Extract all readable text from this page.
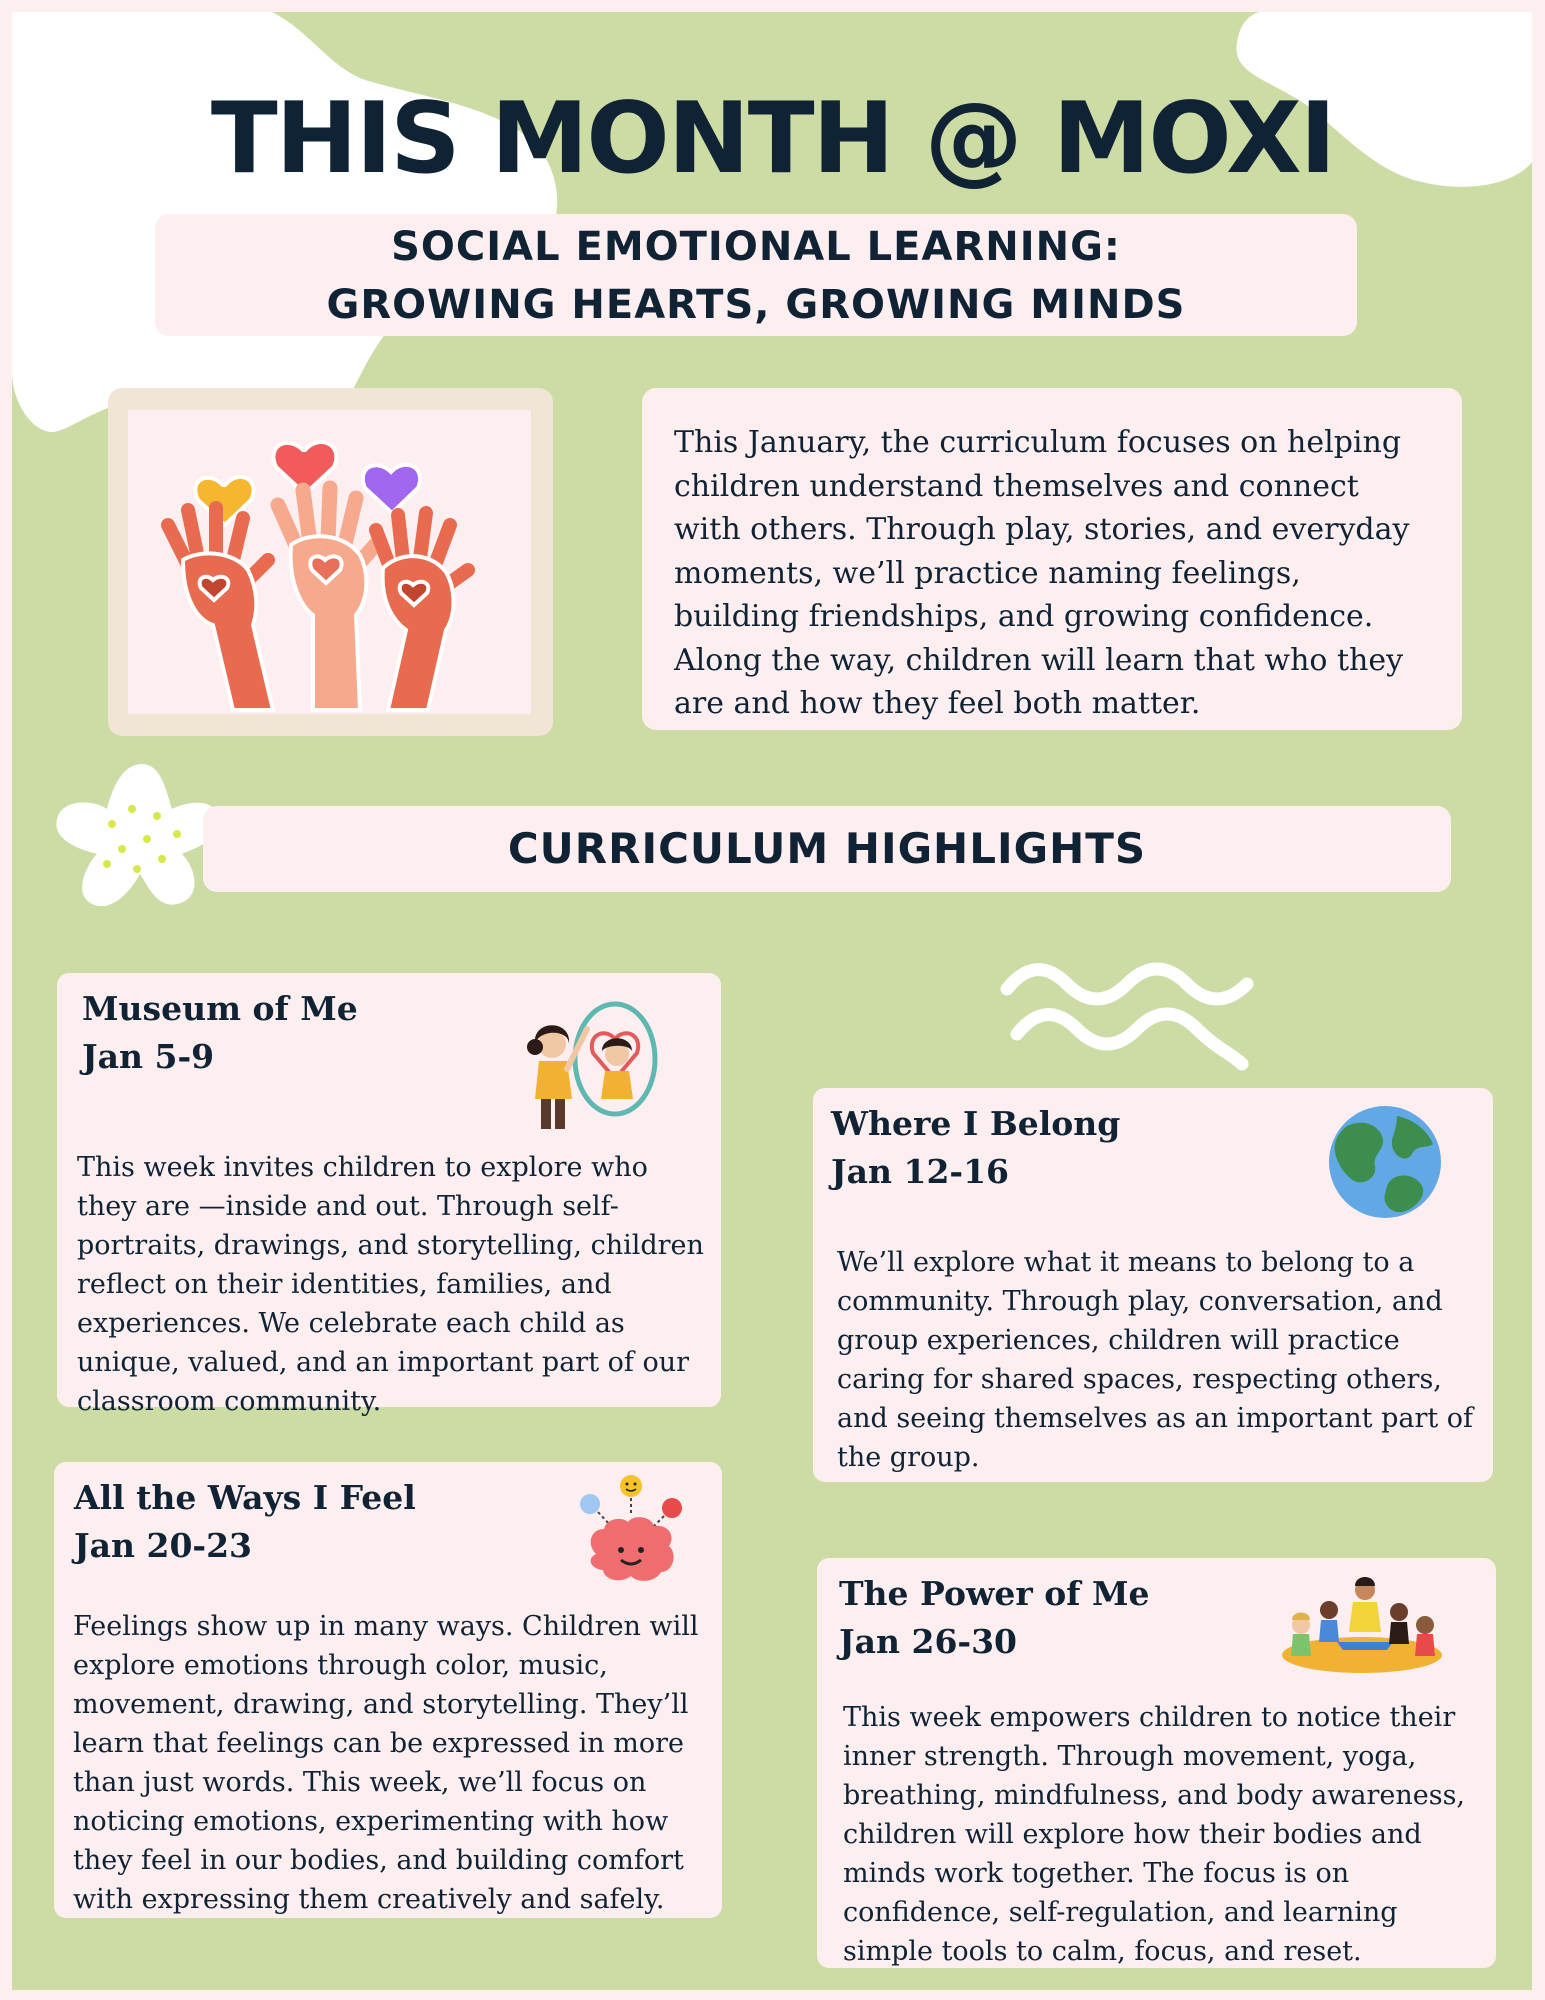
THIS MONTH @ MOXI
SOCIAL EMOTIONAL LEARNING:
GROWING HEARTS, GROWING MINDS
This January, the curriculum focuses on helping children understand themselves and connect with others. Through play, stories, and everyday moments, we’ll practice naming feelings, building friendships, and growing confidence. Along the way, children will learn that who they are and how they feel both matter.
CURRICULUM HIGHLIGHTS
Museum of Me
Jan 5-9

This week invites children to explore who they are —inside and out. Through self-portraits, drawings, and storytelling, children reflect on their identities, families, and experiences. We celebrate each child as unique, valued, and an important part of our classroom community.

Where I Belong
Jan 12-16

We’ll explore what it means to belong to a community. Through play, conversation, and group experiences, children will practice caring for shared spaces, respecting others, and seeing themselves as an important part of the group.

All the Ways I Feel
Jan 20-23

Feelings show up in many ways. Children will explore emotions through color, music, movement, drawing, and storytelling. They’ll learn that feelings can be expressed in more than just words. This week, we’ll focus on noticing emotions, experimenting with how they feel in our bodies, and building comfort with expressing them creatively and safely.

The Power of Me
Jan 26-30

This week empowers children to notice their inner strength. Through movement, yoga, breathing, mindfulness, and body awareness, children will explore how their bodies and minds work together. The focus is on confidence, self-regulation, and learning simple tools to calm, focus, and reset.
